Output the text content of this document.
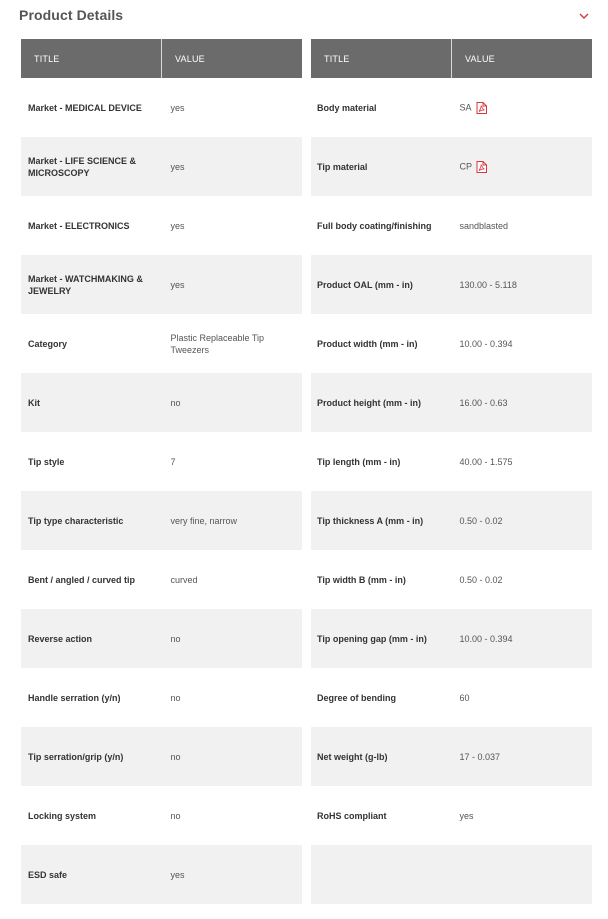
Product Details
TITLE	VALUE
Market - MEDICAL DEVICE	yes
Market - LIFE SCIENCE & MICROSCOPY	yes
Market - ELECTRONICS	yes
Market - WATCHMAKING & JEWELRY	yes
Category	Plastic Replaceable Tip Tweezers
Kit	no
Tip style	7
Tip type characteristic	very fine, narrow
Bent / angled / curved tip	curved
Reverse action	no
Handle serration (y/n)	no
Tip serration/grip (y/n)	no
Locking system	no
ESD safe	yes
TITLE	VALUE
Body material	SA

Tip material	CP

Full body coating/finishing	sandblasted
Product OAL (mm - in)	130.00 - 5.118
Product width (mm - in)	10.00 - 0.394
Product height (mm - in)	16.00 - 0.63
Tip length (mm - in)	40.00 - 1.575
Tip thickness A (mm - in)	0.50 - 0.02
Tip width B (mm - in)	0.50 - 0.02
Tip opening gap (mm - in)	10.00 - 0.394
Degree of bending	60
Net weight (g-lb)	17 - 0.037
RoHS compliant	yes
